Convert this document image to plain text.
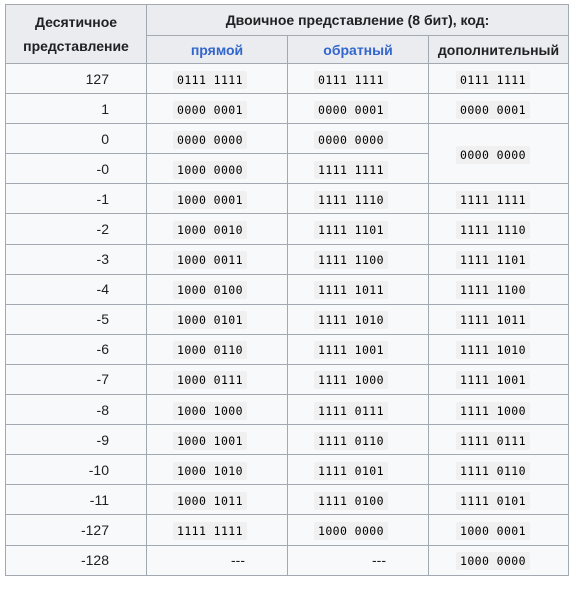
Десятичное представление	Двоичное представление (8 бит), код:		
	прямой	обратный	дополнительный
127	0111 1111	0111 1111	0111 1111
1	0000 0001	0000 0001	0000 0001
0	0000 0000	0000 0000	0000 0000
-0	1000 0000	1111 1111	
-1	1000 0001	1111 1110	1111 1111
-2	1000 0010	1111 1101	1111 1110
-3	1000 0011	1111 1100	1111 1101
-4	1000 0100	1111 1011	1111 1100
-5	1000 0101	1111 1010	1111 1011
-6	1000 0110	1111 1001	1111 1010
-7	1000 0111	1111 1000	1111 1001
-8	1000 1000	1111 0111	1111 1000
-9	1000 1001	1111 0110	1111 0111
-10	1000 1010	1111 0101	1111 0110
-11	1000 1011	1111 0100	1111 0101
-127	1111 1111	1000 0000	1000 0001
-128	---	---	1000 0000
